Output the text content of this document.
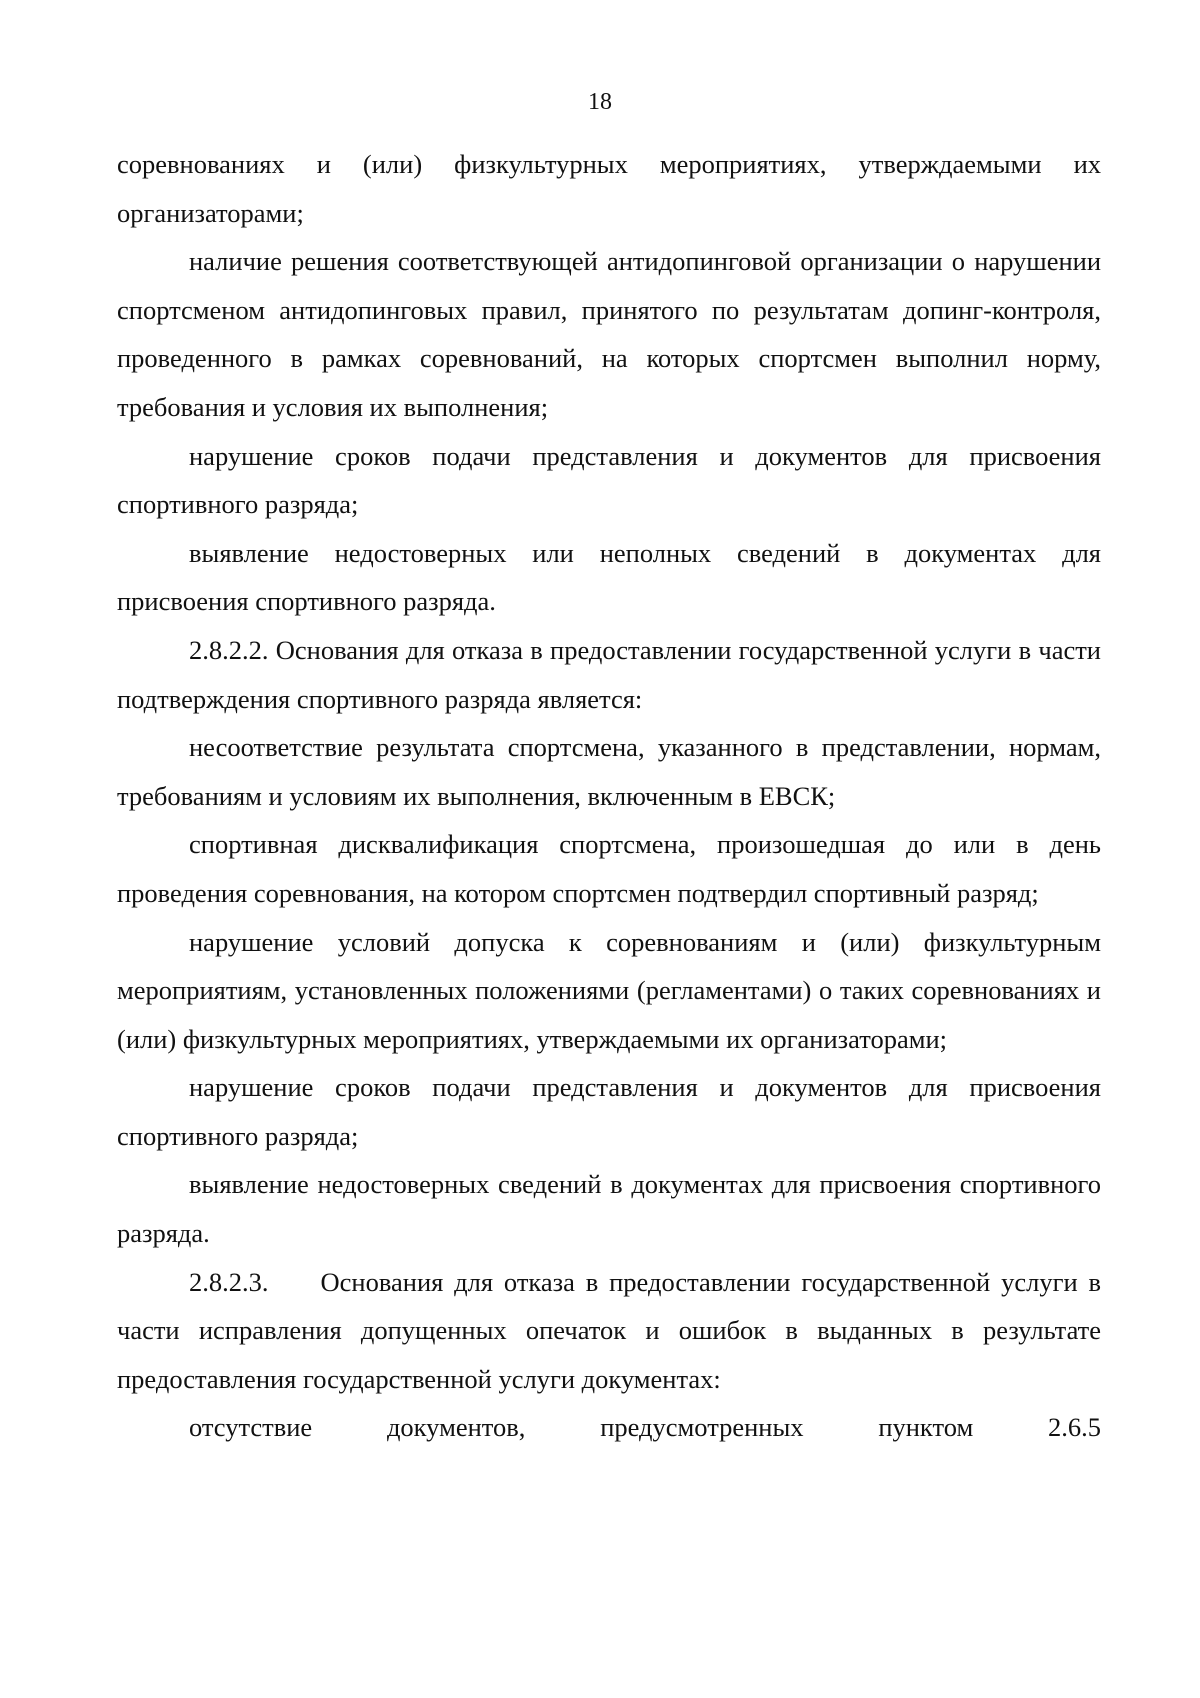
18

соревнованиях и (или) физкультурных мероприятиях, утверждаемыми их организаторами;

наличие решения соответствующей антидопинговой организации о нарушении спортсменом антидопинговых правил, принятого по результатам допинг-контроля, проведенного в рамках соревнований, на которых спортсмен выполнил норму, требования и условия их выполнения;

нарушение сроков подачи представления и документов для присвоения спортивного разряда;

выявление недостоверных или неполных сведений в документах для присвоения спортивного разряда.

2.8.2.2. Основания для отказа в предоставлении государственной услуги в части подтверждения спортивного разряда является:

несоответствие результата спортсмена, указанного в представлении, нормам, требованиям и условиям их выполнения, включенным в ЕВСК;

спортивная дисквалификация спортсмена, произошедшая до или в день проведения соревнования, на котором спортсмен подтвердил спортивный разряд;

нарушение условий допуска к соревнованиям и (или) физкультурным мероприятиям, установленных положениями (регламентами) о таких соревнованиях и (или) физкультурных мероприятиях, утверждаемыми их организаторами;

нарушение сроков подачи представления и документов для присвоения спортивного разряда;

выявление недостоверных сведений в документах для присвоения спортивного разряда.

2.8.2.3. Основания для отказа в предоставлении государственной услуги в части исправления допущенных опечаток и ошибок в выданных в результате предоставления государственной услуги документах:

отсутствие документов, предусмотренных пунктом 2.6.5
